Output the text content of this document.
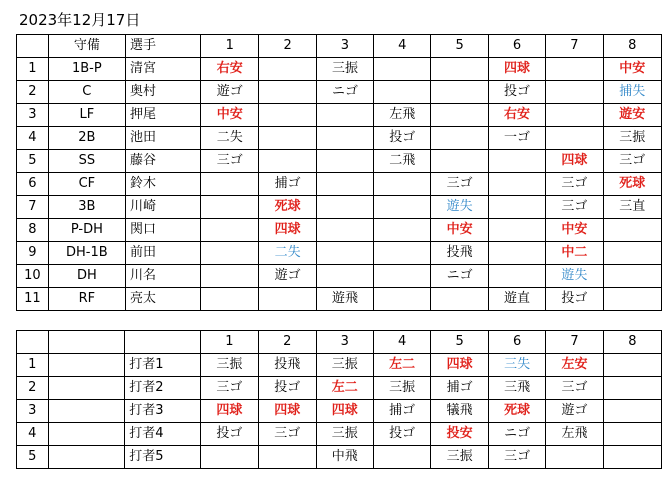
2023年12月17日
	守備	選手	1	2	3	4	5	6	7	8
1	1B-P	清宮	右安		三振			四球		中安
2	C	奥村	遊ゴ		ニゴ			投ゴ		捕失
3	LF	押尾	中安			左飛		右安		遊安
4	2B	池田	二失			投ゴ		一ゴ		三振
5	SS	藤谷	三ゴ			二飛			四球	三ゴ
6	CF	鈴木		捕ゴ			三ゴ		三ゴ	死球
7	3B	川崎		死球			遊失		三ゴ	三直
8	P-DH	関口		四球			中安		中安	
9	DH-1B	前田		二失			投飛		中二	
10	DH	川名		遊ゴ			ニゴ		遊失	
11	RF	亮太			遊飛			遊直	投ゴ	
			1	2	3	4	5	6	7	8
1		打者1	三振	投飛	三振	左二	四球	三失	左安	
2		打者2	三ゴ	投ゴ	左二	三振	捕ゴ	三飛	三ゴ	
3		打者3	四球	四球	四球	捕ゴ	犠飛	死球	遊ゴ	
4		打者4	投ゴ	三ゴ	三振	投ゴ	投安	ニゴ	左飛	
5		打者5			中飛		三振	三ゴ		
